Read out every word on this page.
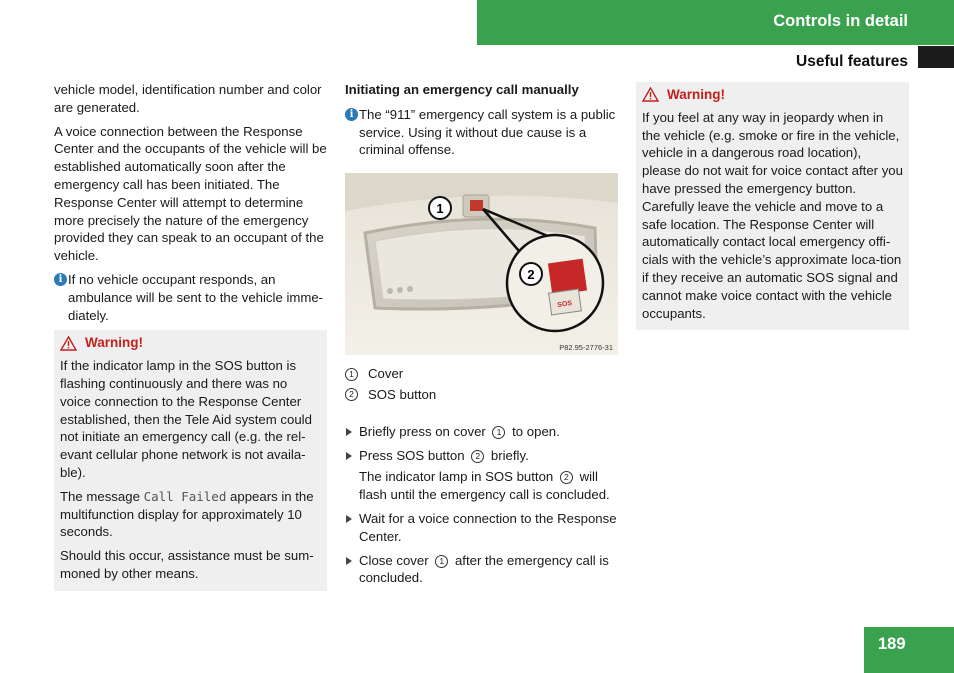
Controls in detail
Useful features

vehicle model, identification number and color are generated.

A voice connection between the Response Center and the occupants of the vehicle will be established automatically soon after the emergency call has been initiated. The Response Center will attempt to determine more precisely the nature of the emergency provided they can speak to an occupant of the vehicle.

i If no vehicle occupant responds, an ambulance will be sent to the vehicle imme-diately.

Warning!

If the indicator lamp in the SOS button is flashing continuously and there was no voice connection to the Response Center established, then the Tele Aid system could not initiate an emergency call (e.g. the rel-evant cellular phone network is not availa-ble).

The message Call Failed appears in the multifunction display for approximately 10 seconds.

Should this occur, assistance must be sum-moned by other means.

Initiating an emergency call manually

i The “911” emergency call system is a public service. Using it without due cause is a criminal offense.

SOS
1
2
P82.95-2776-31
1	Cover
2	SOS button
Briefly press on cover 1 to open.
Press SOS button 2 briefly.
The indicator lamp in SOS button 2 will flash until the emergency call is concluded.
Wait for a voice connection to the Response Center.
Close cover 1 after the emergency call is concluded.
Warning!

If you feel at any way in jeopardy when in the vehicle (e.g. smoke or fire in the vehicle, vehicle in a dangerous road location), please do not wait for voice contact after you have pressed the emergency button. Carefully leave the vehicle and move to a safe location. The Response Center will automatically contact local emergency offi-cials with the vehicle’s approximate loca-tion if they receive an automatic SOS signal and cannot make voice contact with the vehicle occupants.

189
